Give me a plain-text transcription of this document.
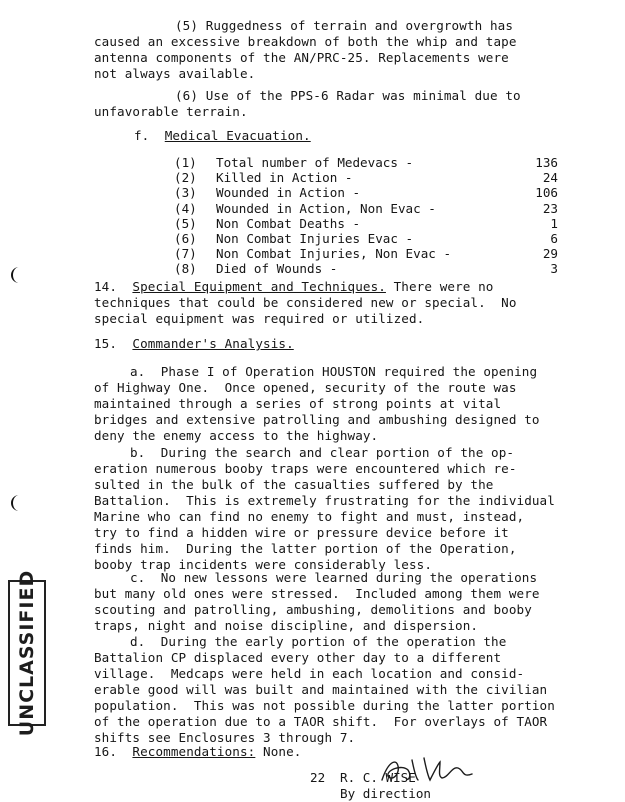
(5) Ruggedness of terrain and overgrowth has
caused an excessive breakdown of both the whip and tape
antenna components of the AN/PRC-25. Replacements were
not always available.

(6) Use of the PPS-6 Radar was minimal due to
unfavorable terrain.

f. Medical Evacuation.
(1) Total number of Medevacs -	136
(2) Killed in Action -	24
(3) Wounded in Action -	106
(4) Wounded in Action, Non Evac -	23
(5) Non Combat Deaths -	1
(6) Non Combat Injuries Evac -	6
(7) Non Combat Injuries, Non Evac -	29
(8) Died of Wounds -	3
14. Special Equipment and Techniques. There were no

techniques that could be considered new or special.  No
special equipment was required or utilized.

15. Commander's Analysis.

a.  Phase I of Operation HOUSTON required the opening
of Highway One.  Once opened, security of the route was
maintained through a series of strong points at vital
bridges and extensive patrolling and ambushing designed to
deny the enemy access to the highway.

b.  During the search and clear portion of the op-
eration numerous booby traps were encountered which re-
sulted in the bulk of the casualties suffered by the
Battalion.  This is extremely frustrating for the individual
Marine who can find no enemy to fight and must, instead,
try to find a hidden wire or pressure device before it
finds him.  During the latter portion of the Operation,
booby trap incidents were considerably less.

c.  No new lessons were learned during the operations
but many old ones were stressed.  Included among them were
scouting and patrolling, ambushing, demolitions and booby
traps, night and noise discipline, and dispersion.

d.  During the early portion of the operation the
Battalion CP displaced every other day to a different
village.  Medcaps were held in each location and consid-
erable good will was built and maintained with the civilian
population.  This was not possible during the latter portion
of the operation due to a TAOR shift.  For overlays of TAOR
shifts see Enclosures 3 through 7.

16. Recommendations: None.
22 R. C. WISE
By direction
UNCLASSIFIED
